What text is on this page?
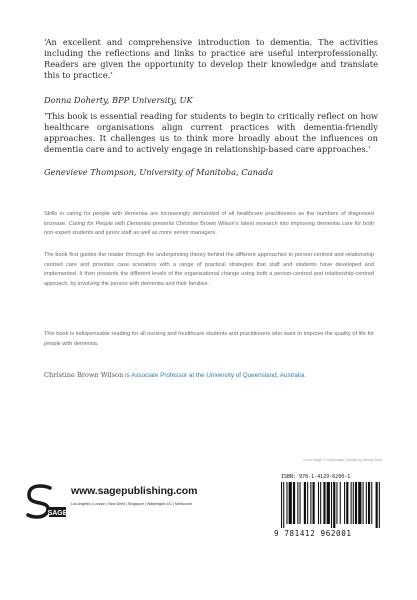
‘An excellent and comprehensive introduction to dementia. The activities including the reflections and links to practice are useful interprofessionally. Readers are given the opportunity to develop their knowledge and translate this to practice.’
Donna Doherty, BPP University, UK
‘This book is essential reading for students to begin to critically reflect on how healthcare organisations align current practices with dementia-friendly approaches. It challenges us to think more broadly about the influences on dementia care and to actively engage in relationship-based care approaches.’
Genevieve Thompson, University of Manitoba, Canada
Skills in caring for people with dementia are increasingly demanded of all healthcare practitioners as the numbers of diagnosed increase. Caring for People with Dementia presents Christine Brown Wilson’s latest research into improving dementia care for both non-expert students and junior staff as well as more senior managers.
The book first guides the reader through the underpinning theory behind the different approaches to person-centred and relationship centred care and provides case scenarios with a range of practical strategies that staff and students have developed and implemented. It then presents the different levels of the organisational change using both a person-centred and relationship-centred approach, by involving the person with dementia and their families.
This book is indispensable reading for all nursing and healthcare students and practitioners who want to improve the quality of life for people with dementia.
Christine Brown Wilson is Associate Professor at the University of Queensland, Australia.
Cover image © GettyImage | Design by Wendy Scott
SAGE
www.sagepublishing.com
Los Angeles | London | New Delhi | Singapore | Washington DC | Melbourne
ISBN: 978-1-4129-6200-1
9 781412 962001
